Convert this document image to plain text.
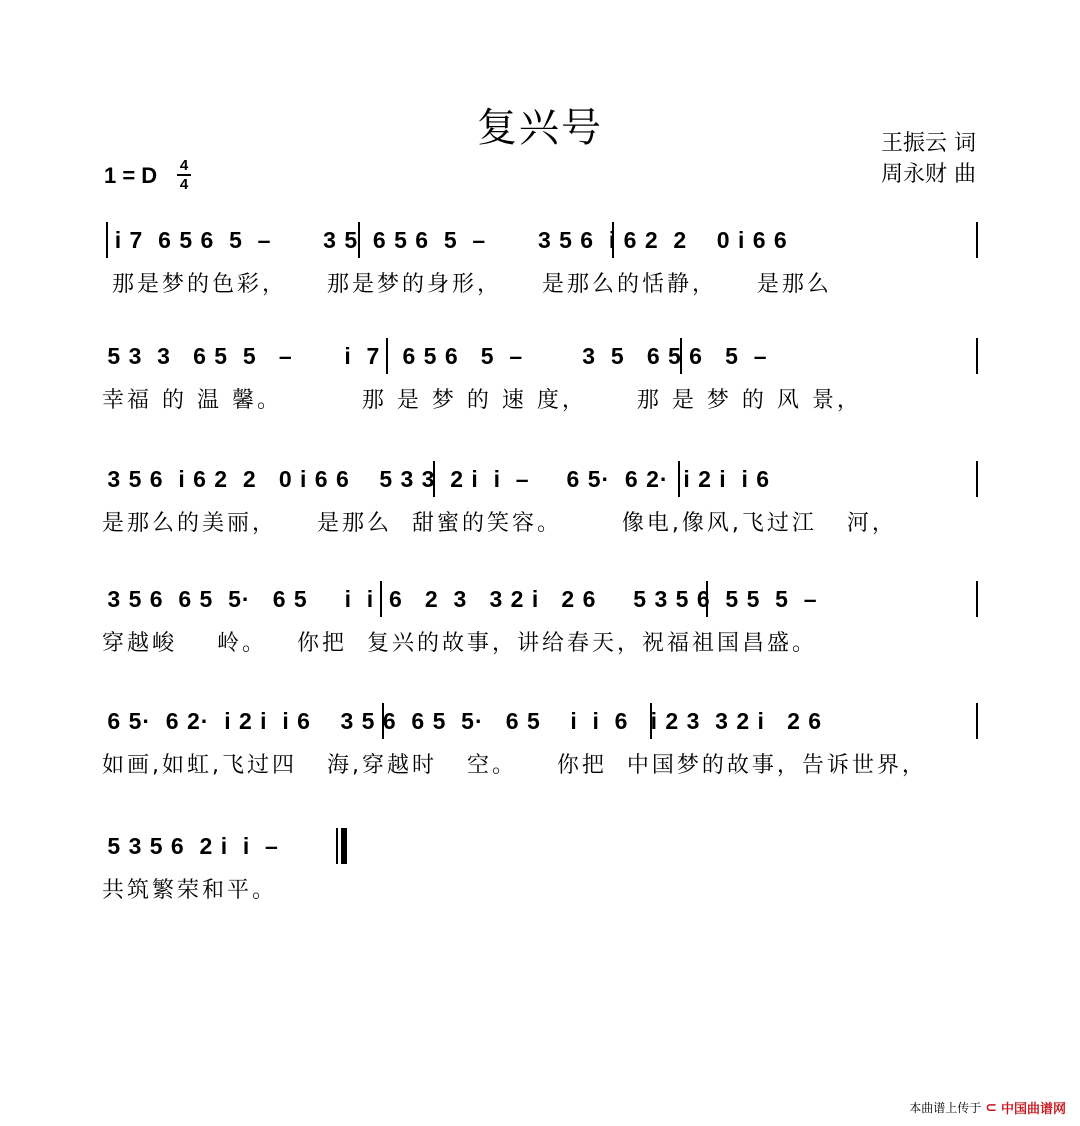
复兴号	王振云 词
周永财 曲
1 = D 4
4
i 7  6 5 6  5  –       3 5  6 5 6  5  –       3 5 6  i 6 2  2    0 i 6 6
那是梦的色彩，    那是梦的身形，    是那么的恬静，    是那么
5 3  3   6 5  5   –       i  7   6 5 6   5  –        3  5   6 5 6   5  –
幸福 的 温 馨。        那 是 梦 的 速 度，     那 是 梦 的 风 景，
3 5 6  i 6 2  2   0 i 6 6    5 3 3  2 i  i  –     6 5·  6 2·  i 2 i  i 6
是那么的美丽，    是那么  甜蜜的笑容。      像电,像风,飞过江   河，
3 5 6  6 5  5·   6 5     i  i  6   2  3   3 2 i   2 6     5 3 5 6  5 5  5  –
穿越峻    岭。   你把  复兴的故事，讲给春天，祝福祖国昌盛。
6 5·  6 2·  i 2 i  i 6    3 5 6  6 5  5·   6 5    i  i  6   i 2 3  3 2 i   2 6
如画,如虹,飞过四   海,穿越时   空。    你把  中国梦的故事，告诉世界，
5 3 5 6  2 i  i  –
共筑繁荣和平。
本曲谱上传于 ⊂ 中国曲谱网
